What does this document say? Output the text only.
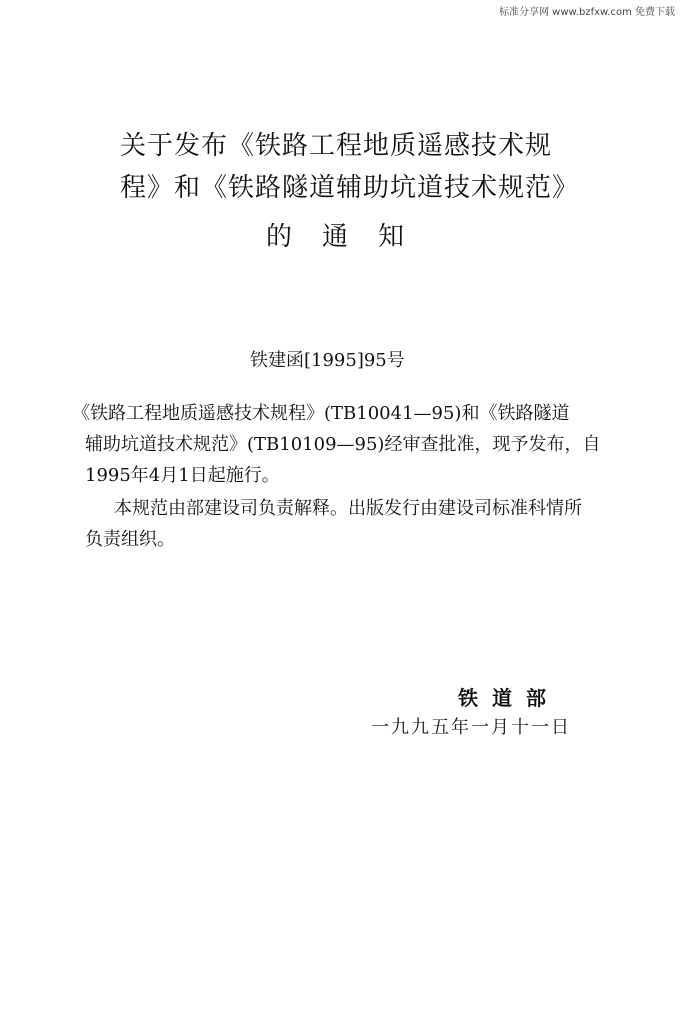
标准分享网 www.bzfxw.com 免费下载
关于发布《铁路工程地质遥感技术规
程》和《铁路隧道辅助坑道技术规范》
的通知
铁建函[1995]95号
《铁路工程地质遥感技术规程》(TB10041—95)和《铁路隧道
辅助坑道技术规范》(TB10109—95)经审查批准，现予发布，自
1995年4月1日起施行。
本规范由部建设司负责解释。出版发行由建设司标准科情所
负责组织。
铁道部
一九九五年一月十一日
